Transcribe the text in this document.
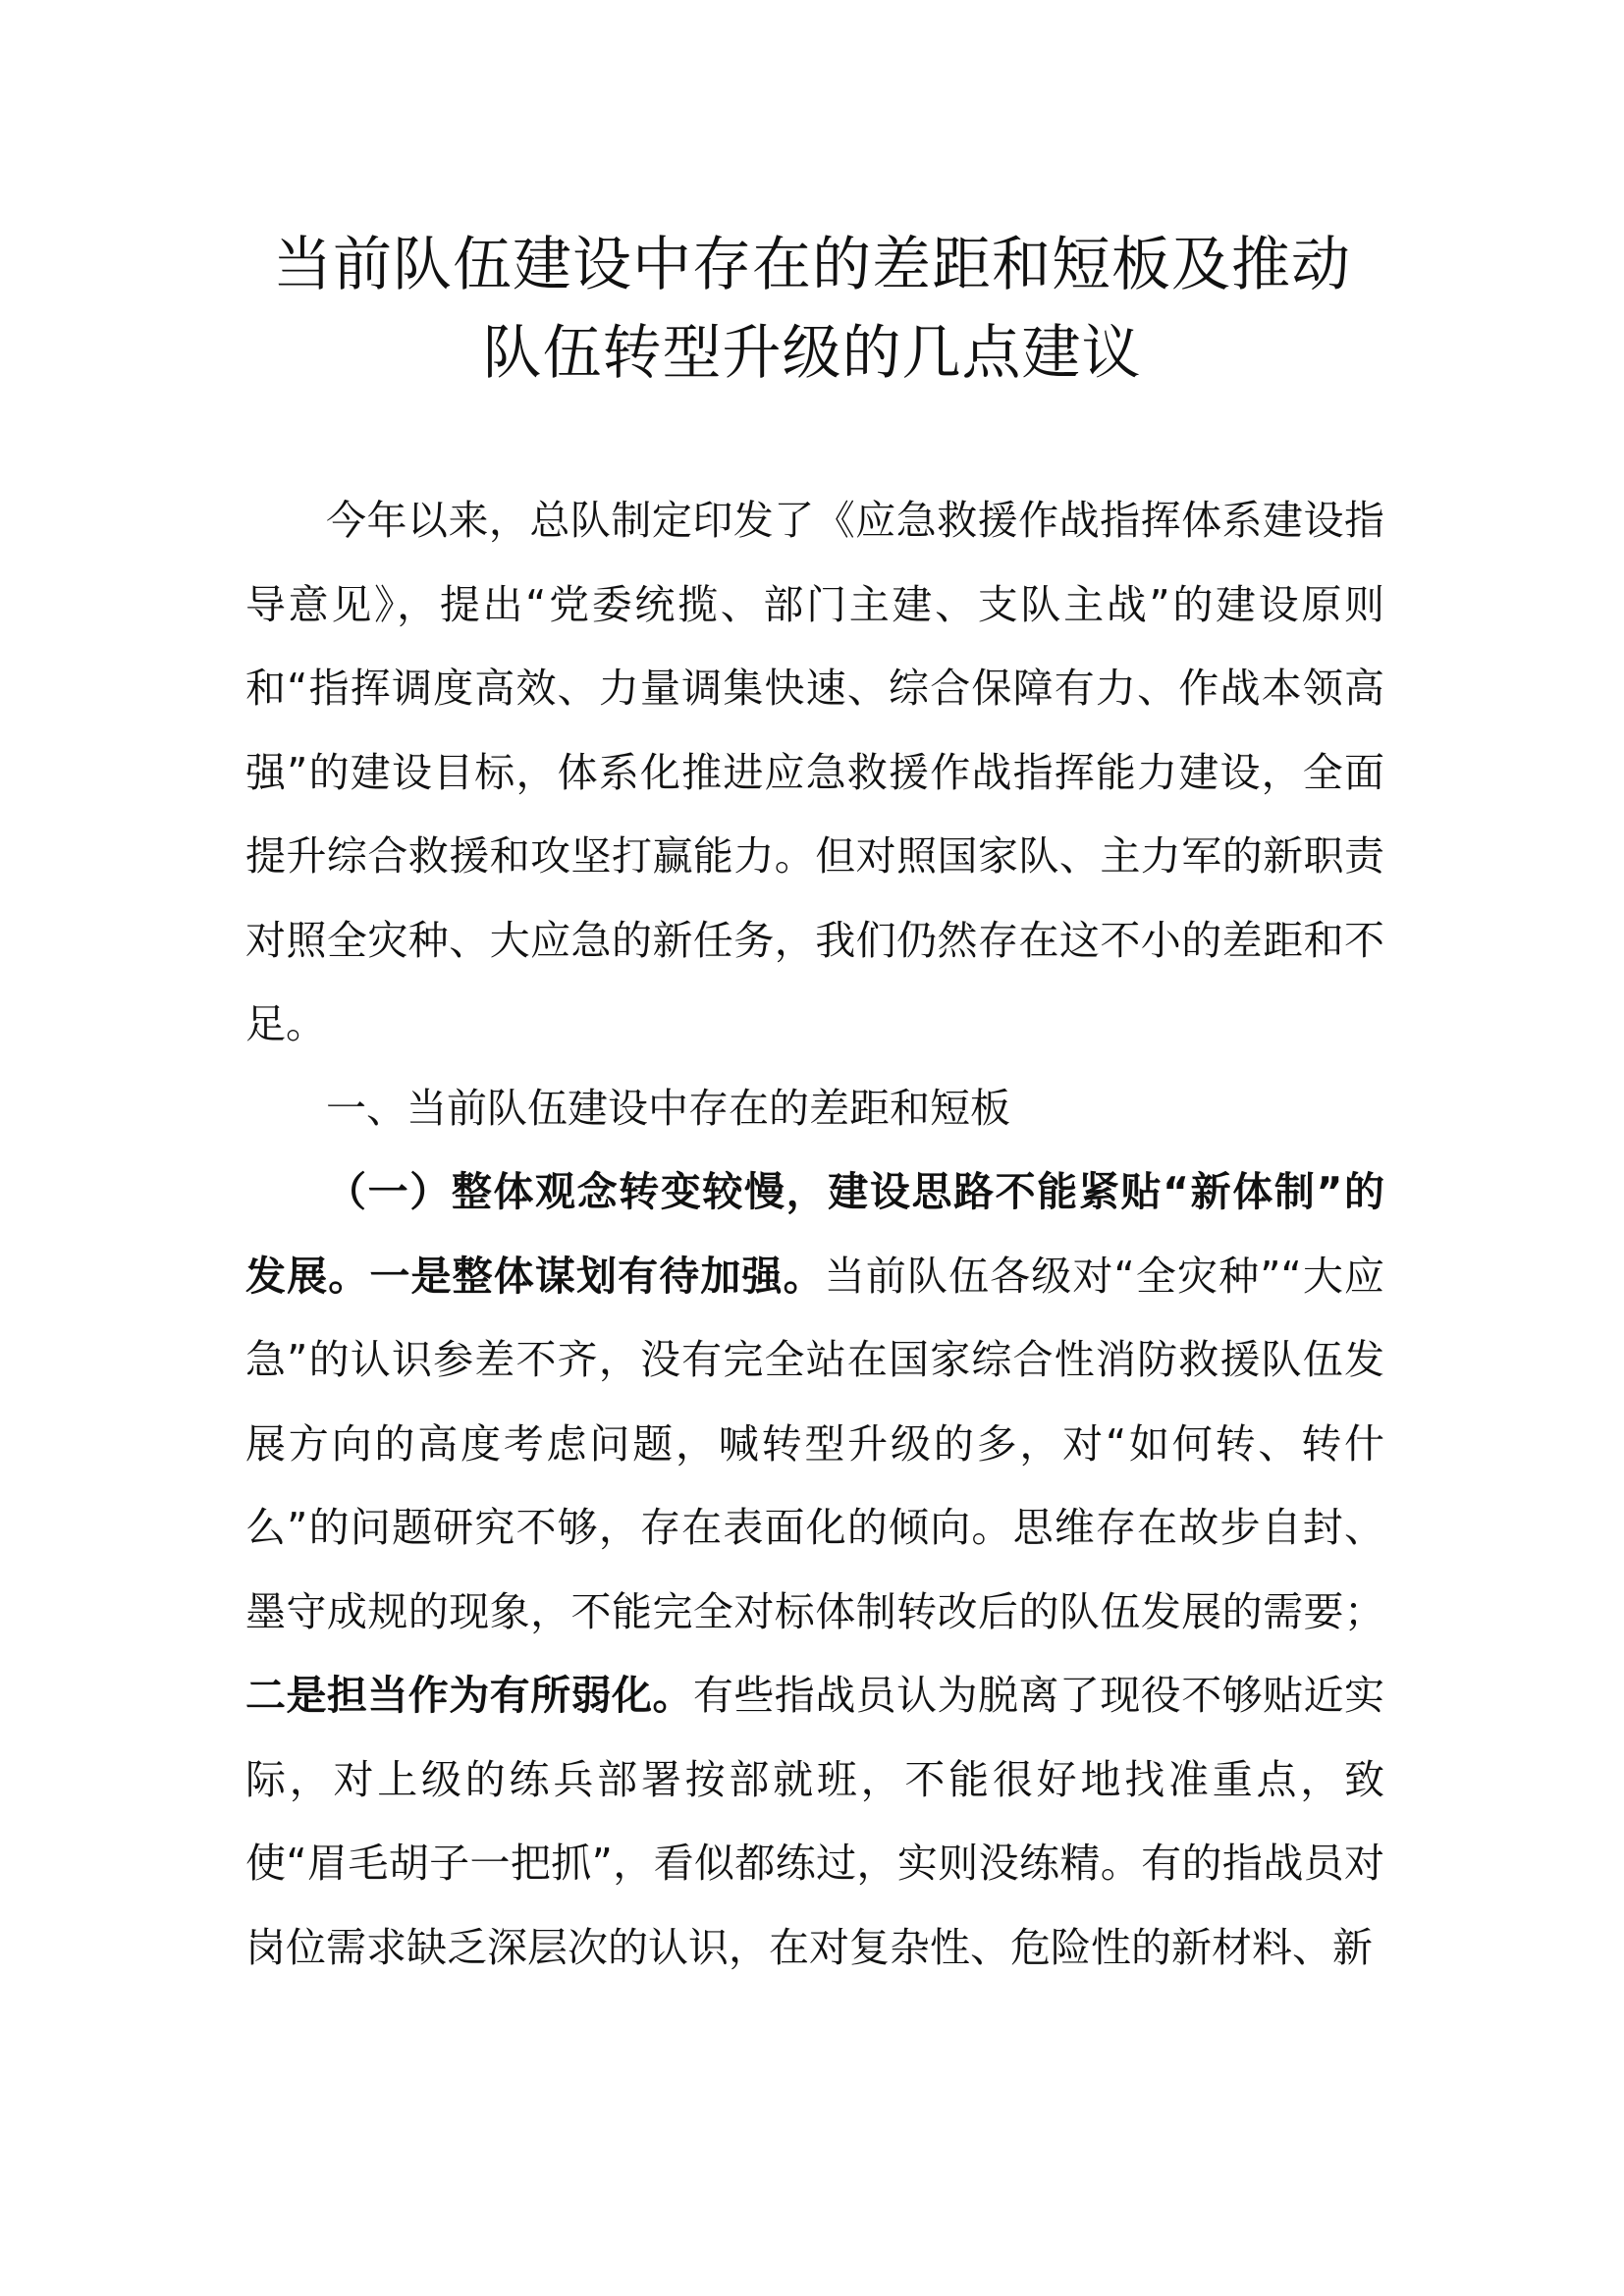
当前队伍建设中存在的差距和短板及推动
队伍转型升级的几点建议

今年以来，总队制定印发了《应急救援作战指挥体系建设指导意见》，提出“党委统揽、部门主建、支队主战”的建设原则和“指挥调度高效、力量调集快速、综合保障有力、作战本领高强”的建设目标，体系化推进应急救援作战指挥能力建设，全面提升综合救援和攻坚打赢能力。但对照国家队、主力军的新职责对照全灾种、大应急的新任务，我们仍然存在这不小的差距和不足。

一、当前队伍建设中存在的差距和短板

（一）整体观念转变较慢，建设思路不能紧贴“新体制”的发展。一是整体谋划有待加强。当前队伍各级对“全灾种”“大应急”的认识参差不齐，没有完全站在国家综合性消防救援队伍发展方向的高度考虑问题，喊转型升级的多，对“如何转、转什么”的问题研究不够，存在表面化的倾向。思维存在故步自封、墨守成规的现象，不能完全对标体制转改后的队伍发展的需要；二是担当作为有所弱化。有些指战员认为脱离了现役不够贴近实际，对上级的练兵部署按部就班，不能很好地找准重点，致使“眉毛胡子一把抓”，看似都练过，实则没练精。有的指战员对岗位需求缺乏深层次的认识，在对复杂性、危险性的新材料、新
